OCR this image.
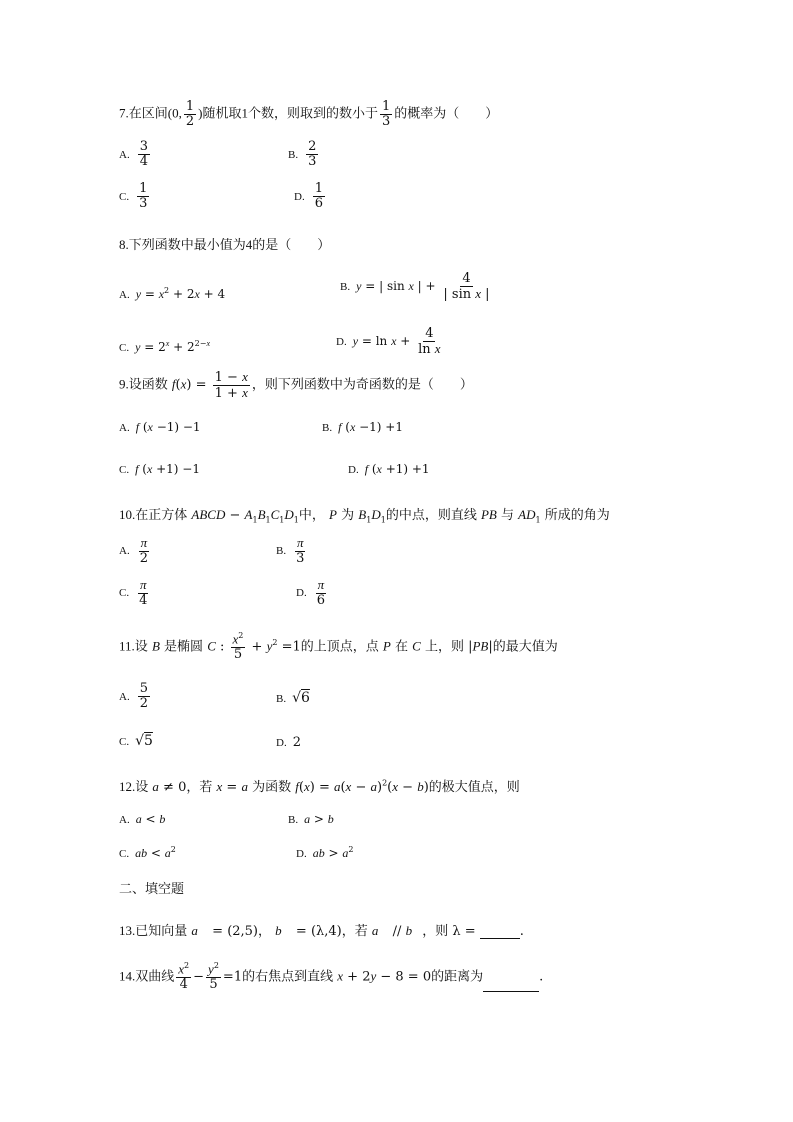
7.在区间(0, $\frac{1}{2}$ )随机取1个数，则取到的数小于 $\frac{1}{3}$ 的概率为（　　）
A. $\frac{3}{4}$	B. $\frac{2}{3}$
C. $\frac{1}{3}$	D. $\frac{1}{6}$
8.下列函数中最小值为4的是（　　）
A. $y = x^2 + 2x + 4$	B. y = | sin x | + $\frac{4}{\text{| sin x |}}$
C. $y = 2^x + 2^{2-x}$	D. $y = \ln x + \frac{4}{\text{ln x}}$
9.设函数 $f(x) = \frac{1 - x}{1 + x}$ ，则下列函数中为奇函数的是（　　）
A. f (x −1) −1	B. f (x −1) +1
C. f (x +1) −1	D. f (x +1) +1
10.在正方体 ABCD − $A_1B_1C_1D_1$中， P 为 $B_1D_1$的中点，则直线 PB 与 $AD_1$ 所成的角为
A. $\frac{\pi}{2}$	B. $\frac{\pi}{3}$
C. $\frac{\pi}{4}$	D. $\frac{\pi}{6}$
11.设 B 是椭圆 C : $\frac{x^2}{5} + y^2 =1$的上顶点，点 P 在 C 上，则 |PB|的最大值为
A. $\frac{5}{2}$	B. √6
C. √5	D. 2
12.设 a ≠ 0，若 x = a 为函数 $f(x) = a(x - a)^2(x - b)$的极大值点，则
A. a < b	B. a > b
C. ab < $a^2$	D. ab > $a^2$
二、填空题
13.已知向量 a⃗ = (2,5)， b⃗ = (λ,4)，若 a⃗ // b⃗，则 λ =	.
14.双曲线 $\frac{x^2}{4} - \frac{y^2}{5} =1$的右焦点到直线 x + 2y − 8 = 0的距离为	.
